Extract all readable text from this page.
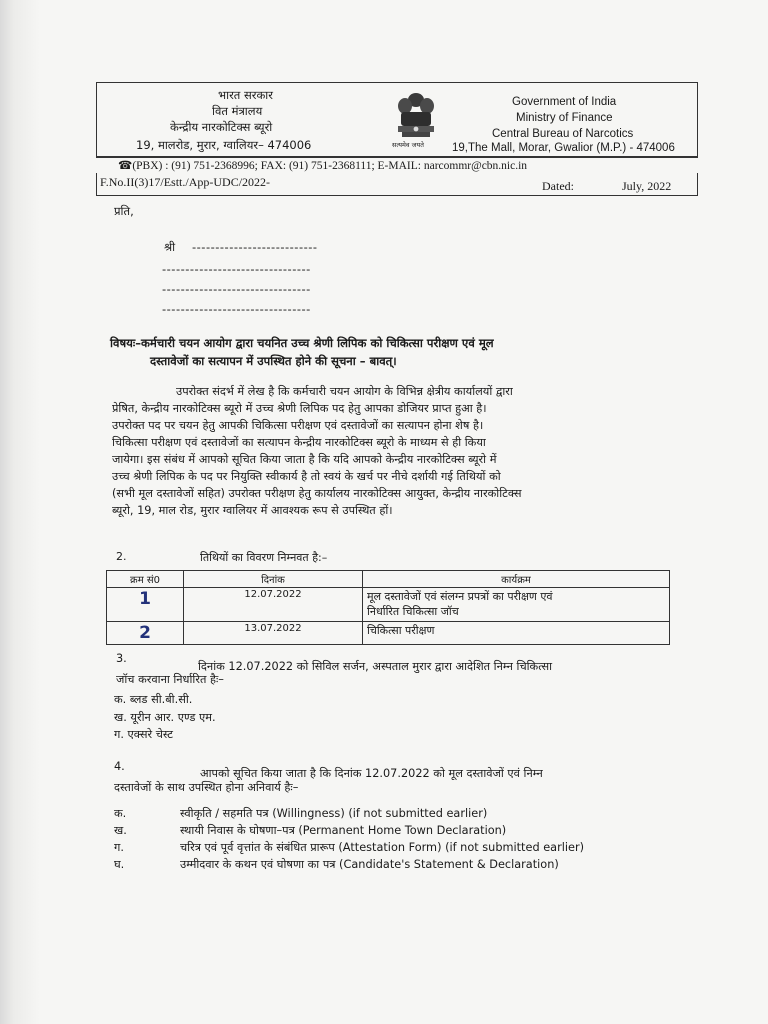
भारत सरकार
वित मंत्रालय
केन्द्रीय नारकोटिक्स ब्यूरो
19, मालरोड, मुरार, ग्वालियर– 474006	सत्यमेव जयते
Government of India
Ministry of Finance
Central Bureau of Narcotics
19,The Mall, Morar, Gwalior (M.P.) - 474006
☎(PBX) : (91) 751-2368996; FAX: (91) 751-2368111; E-MAIL: narcommr@cbn.nic.in
F.No.II(3)17/Estt./App-UDC/2022-	Dated:	July, 2022
प्रति,
श्री ---------------------------
--------------------------------
--------------------------------
--------------------------------
विषयः–कर्मचारी चयन आयोग द्वारा चयनित उच्च श्रेणी लिपिक को चिकित्सा परीक्षण एवं मूल
दस्तावेजों का सत्यापन में उपस्थित होने की सूचना – बावत्।
उपरोक्त संदर्भ में लेख है कि कर्मचारी चयन आयोग के विभिन्न क्षेत्रीय कार्यालयों द्वारा
प्रेषित, केन्द्रीय नारकोटिक्स ब्यूरो में उच्च श्रेणी लिपिक पद हेतु आपका डोजियर प्राप्त हुआ है।
उपरोक्त पद पर चयन हेतु आपकी चिकित्सा परीक्षण एवं दस्तावेजों का सत्यापन होना शेष है।
चिकित्सा परीक्षण एवं दस्तावेजों का सत्यापन केन्द्रीय नारकोटिक्स ब्यूरो के माध्यम से ही किया
जायेगा। इस संबंध में आपको सूचित किया जाता है कि यदि आपको केन्द्रीय नारकोटिक्स ब्यूरो में
उच्च श्रेणी लिपिक के पद पर नियुक्ति स्वीकार्य है तो स्वयं के खर्च पर नीचे दर्शायी गई तिथियों को
(सभी मूल दस्तावेजों सहित) उपरोक्त परीक्षण हेतु कार्यालय नारकोटिक्स आयुक्त, केन्द्रीय नारकोटिक्स
ब्यूरो, 19, माल रोड, मुरार ग्वालियर में आवश्यक रूप से उपस्थित हों।
2.	तिथियों का विवरण निम्नवत है:–
क्रम सं0	दिनांक	कार्यक्रम
1	12.07.2022	मूल दस्तावेजों एवं संलग्न प्रपत्रों का परीक्षण एवं
निर्धारित चिकित्सा जॉच

2	13.07.2022	चिकित्सा परीक्षण
3.
दिनांक 12.07.2022 को सिविल सर्जन, अस्पताल मुरार द्वारा आदेशित निम्न चिकित्सा
जॉच करवाना निर्धारित हैः–
क. ब्लड सी.बी.सी.
ख. यूरीन आर. एण्ड एम.
ग. एक्सरे चेस्ट
4.
आपको सूचित किया जाता है कि दिनांक 12.07.2022 को मूल दस्तावेजों एवं निम्न
दस्तावेजों के साथ उपस्थित होना अनिवार्य हैः–
क.	स्वीकृति / सहमति पत्र (Willingness) (if not submitted earlier)
ख.	स्थायी निवास के घोषणा–पत्र (Permanent Home Town Declaration)
ग.	चरित्र एवं पूर्व वृत्तांत के संबंधित प्रारूप (Attestation Form) (if not submitted earlier)
घ.	उम्मीदवार के कथन एवं घोषणा का पत्र (Candidate's Statement & Declaration)
